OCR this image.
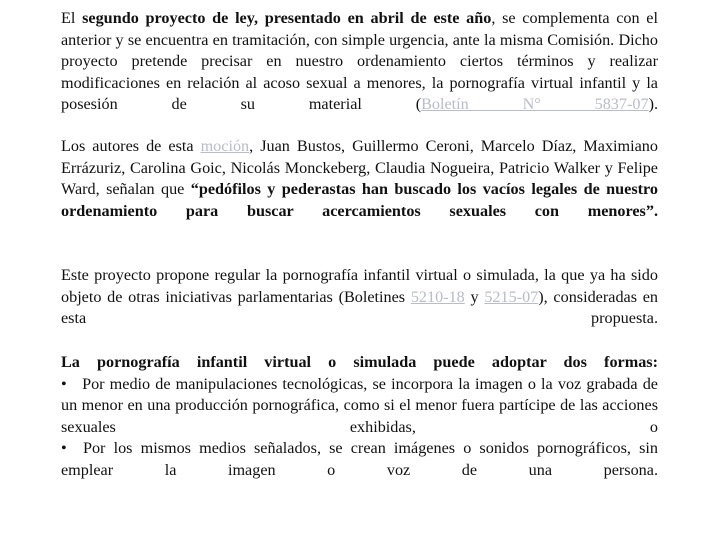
El segundo proyecto de ley, presentado en abril de este año, se complementa con el anterior y se encuentra en tramitación, con simple urgencia, ante la misma Comisión. Dicho proyecto pretende precisar en nuestro ordenamiento ciertos términos y realizar modificaciones en relación al acoso sexual a menores, la pornografía virtual infantil y la posesión de su material (Boletín N° 5837-07).

Los autores de esta moción, Juan Bustos, Guillermo Ceroni, Marcelo Díaz, Maximiano Errázuriz, Carolina Goic, Nicolás Monckeberg, Claudia Nogueira, Patricio Walker y Felipe Ward, señalan que “pedófilos y pederastas han buscado los vacíos legales de nuestro ordenamiento para buscar acercamientos sexuales con menores”.

Este proyecto propone regular la pornografía infantil virtual o simulada, la que ya ha sido objeto de otras iniciativas parlamentarias (Boletines 5210-18 y 5215-07), consideradas en esta propuesta.

La pornografía infantil virtual o simulada puede adoptar dos formas:
• Por medio de manipulaciones tecnológicas, se incorpora la imagen o la voz grabada de un menor en una producción pornográfica, como si el menor fuera partícipe de las acciones sexuales exhibidas, o
• Por los mismos medios señalados, se crean imágenes o sonidos pornográficos, sin emplear la imagen o voz de una persona.
